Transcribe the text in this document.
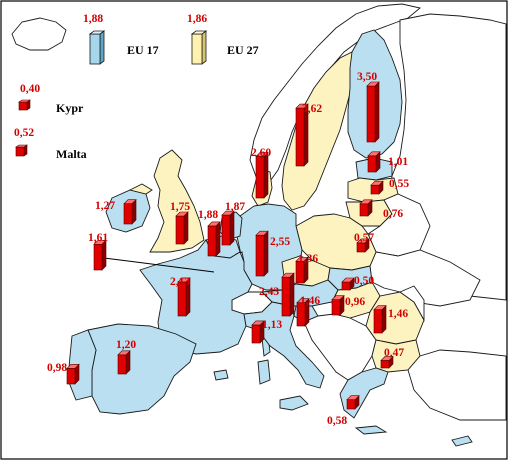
1,88
EU 17
1,86
EU 27
0,40
Kypr
0,52
Malta
1,27	1,75
1,61
1,88
1,87
2,60
3,62
3,50
1,01
0,55
0,76
2,55	0,57
1,36
0,50
2,13
2,43
1,46 0,96
1,46
1,13
0,47
1,20
0,98
0,58
